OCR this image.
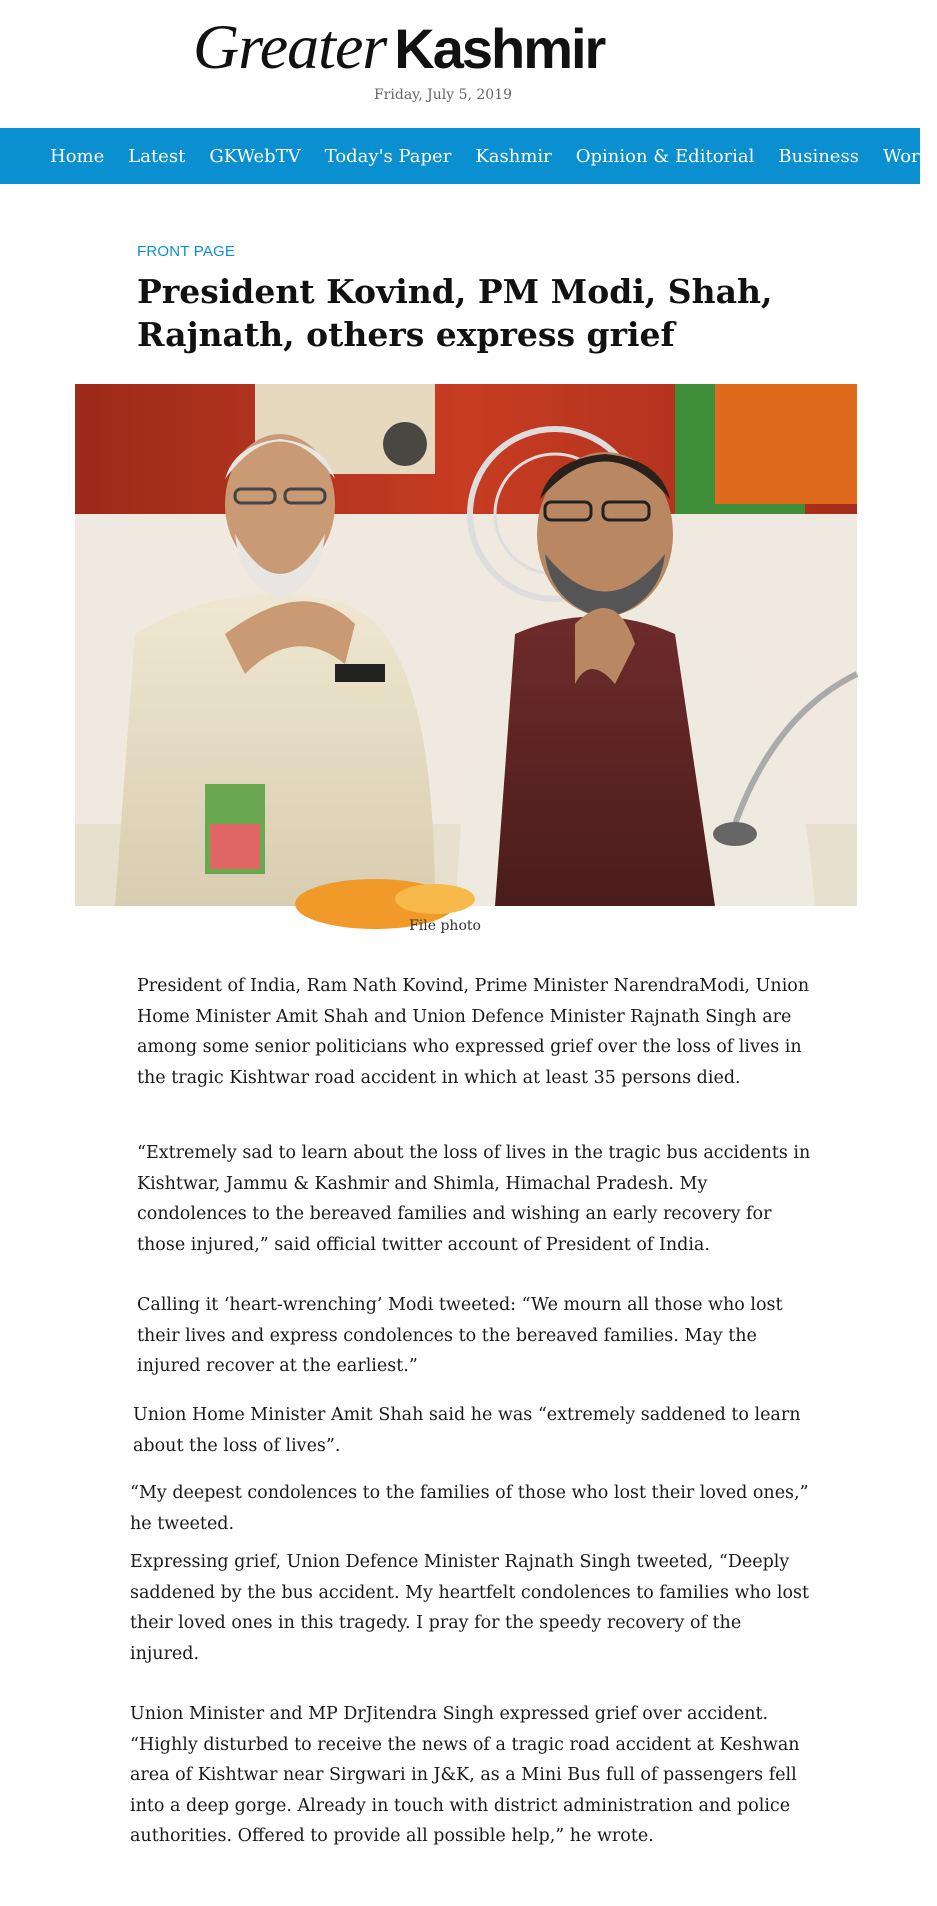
Greater Kashmir
Friday, July 5, 2019
Home Latest GKWebTV Today's Paper Kashmir Opinion & Editorial Business World
FRONT PAGE
President Kovind, PM Modi, Shah, Rajnath, others express grief
File photo

President of India, Ram Nath Kovind, Prime Minister NarendraModi, Union Home Minister Amit Shah and Union Defence Minister Rajnath Singh are among some senior politicians who expressed grief over the loss of lives in the tragic Kishtwar road accident in which at least 35 persons died.

“Extremely sad to learn about the loss of lives in the tragic bus accidents in Kishtwar, Jammu & Kashmir and Shimla, Himachal Pradesh. My condolences to the bereaved families and wishing an early recovery for those injured,” said official twitter account of President of India.

Calling it ‘heart-wrenching’ Modi tweeted: “We mourn all those who lost their lives and express condolences to the bereaved families. May the injured recover at the earliest.”

Union Home Minister Amit Shah said he was “extremely saddened to learn about the loss of lives”.

“My deepest condolences to the families of those who lost their loved ones,” he tweeted.

Expressing grief, Union Defence Minister Rajnath Singh tweeted, “Deeply saddened by the bus accident. My heartfelt condolences to families who lost their loved ones in this tragedy. I pray for the speedy recovery of the injured.

Union Minister and MP DrJitendra Singh expressed grief over accident. “Highly disturbed to receive the news of a tragic road accident at Keshwan area of Kishtwar near Sirgwari in J&K, as a Mini Bus full of passengers fell into a deep gorge. Already in touch with district administration and police authorities. Offered to provide all possible help,” he wrote.
